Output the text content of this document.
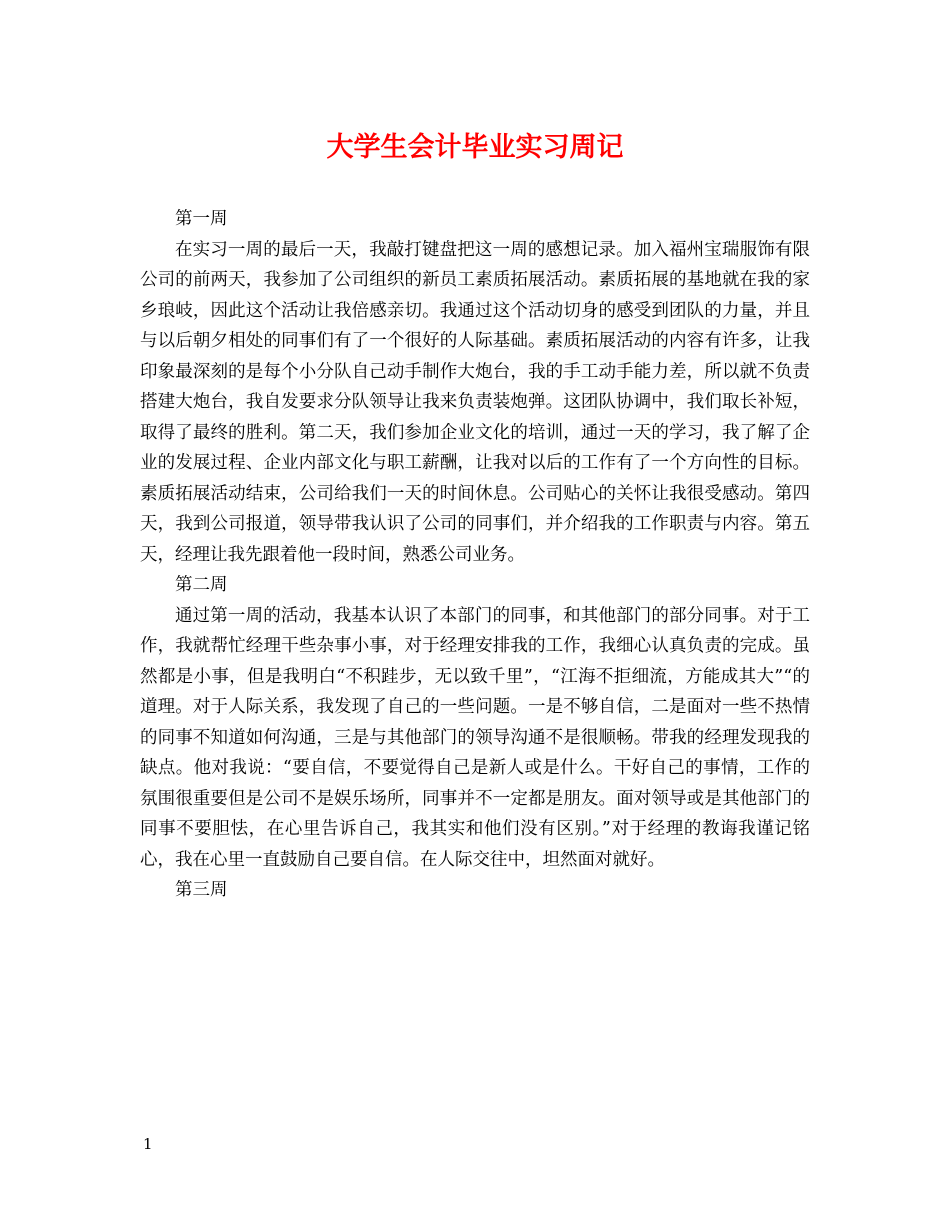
大学生会计毕业实习周记

第一周

在实习一周的最后一天，我敲打键盘把这一周的感想记录。加入福州宝瑞服饰有限公司的前两天，我参加了公司组织的新员工素质拓展活动。素质拓展的基地就在我的家乡琅岐，因此这个活动让我倍感亲切。我通过这个活动切身的感受到团队的力量，并且与以后朝夕相处的同事们有了一个很好的人际基础。素质拓展活动的内容有许多，让我印象最深刻的是每个小分队自己动手制作大炮台，我的手工动手能力差，所以就不负责搭建大炮台，我自发要求分队领导让我来负责装炮弹。这团队协调中，我们取长补短，取得了最终的胜利。第二天，我们参加企业文化的培训，通过一天的学习，我了解了企业的发展过程、企业内部文化与职工薪酬，让我对以后的工作有了一个方向性的目标。素质拓展活动结束，公司给我们一天的时间休息。公司贴心的关怀让我很受感动。第四天，我到公司报道，领导带我认识了公司的同事们，并介绍我的工作职责与内容。第五天，经理让我先跟着他一段时间，熟悉公司业务。

第二周

通过第一周的活动，我基本认识了本部门的同事，和其他部门的部分同事。对于工作，我就帮忙经理干些杂事小事，对于经理安排我的工作，我细心认真负责的完成。虽然都是小事，但是我明白“不积跬步，无以致千里”，“江海不拒细流，方能成其大”“的道理。对于人际关系，我发现了自己的一些问题。一是不够自信，二是面对一些不热情的同事不知道如何沟通，三是与其他部门的领导沟通不是很顺畅。带我的经理发现我的缺点。他对我说：“要自信，不要觉得自己是新人或是什么。干好自己的事情，工作的氛围很重要但是公司不是娱乐场所，同事并不一定都是朋友。面对领导或是其他部门的同事不要胆怯，在心里告诉自己，我其实和他们没有区别。”对于经理的教诲我谨记铭心，我在心里一直鼓励自己要自信。在人际交往中，坦然面对就好。

第三周

1
